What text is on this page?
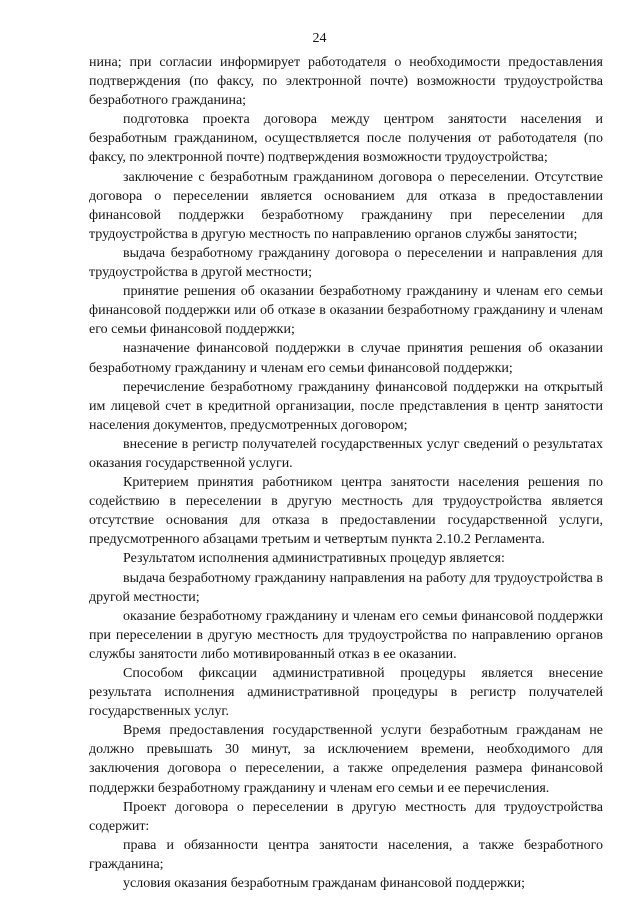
24

нина; при согласии информирует работодателя о необходимости предоставления подтверждения (по факсу, по электронной почте) возможности трудоустройства безработного гражданина;

подготовка проекта договора между центром занятости населения и безработным гражданином, осуществляется после получения от работодателя (по факсу, по электронной почте) подтверждения возможности трудоустройства;

заключение с безработным гражданином договора о переселении. Отсутствие договора о переселении является основанием для отказа в предоставлении финансовой поддержки безработному гражданину при переселении для трудоустройства в другую местность по направлению органов службы занятости;

выдача безработному гражданину договора о переселении и направления для трудоустройства в другой местности;

принятие решения об оказании безработному гражданину и членам его семьи финансовой поддержки или об отказе в оказании безработному гражданину и членам его семьи финансовой поддержки;

назначение финансовой поддержки в случае принятия решения об оказании безработному гражданину и членам его семьи финансовой поддержки;

перечисление безработному гражданину финансовой поддержки на открытый им лицевой счет в кредитной организации, после представления в центр занятости населения документов, предусмотренных договором;

внесение в регистр получателей государственных услуг сведений о результатах оказания государственной услуги.

Критерием принятия работником центра занятости населения решения по содействию в переселении в другую местность для трудоустройства является отсутствие основания для отказа в предоставлении государственной услуги, предусмотренного абзацами третьим и четвертым пункта 2.10.2 Регламента.

Результатом исполнения административных процедур является:

выдача безработному гражданину направления на работу для трудоустройства в другой местности;

оказание безработному гражданину и членам его семьи финансовой поддержки при переселении в другую местность для трудоустройства по направлению органов службы занятости либо мотивированный отказ в ее оказании.

Способом фиксации административной процедуры является внесение результата исполнения административной процедуры в регистр получателей государственных услуг.

Время предоставления государственной услуги безработным гражданам не должно превышать 30 минут, за исключением времени, необходимого для заключения договора о переселении, а также определения размера финансовой поддержки безработному гражданину и членам его семьи и ее перечисления.

Проект договора о переселении в другую местность для трудоустройства содержит:

права и обязанности центра занятости населения, а также безработного гражданина;

условия оказания безработным гражданам финансовой поддержки;
